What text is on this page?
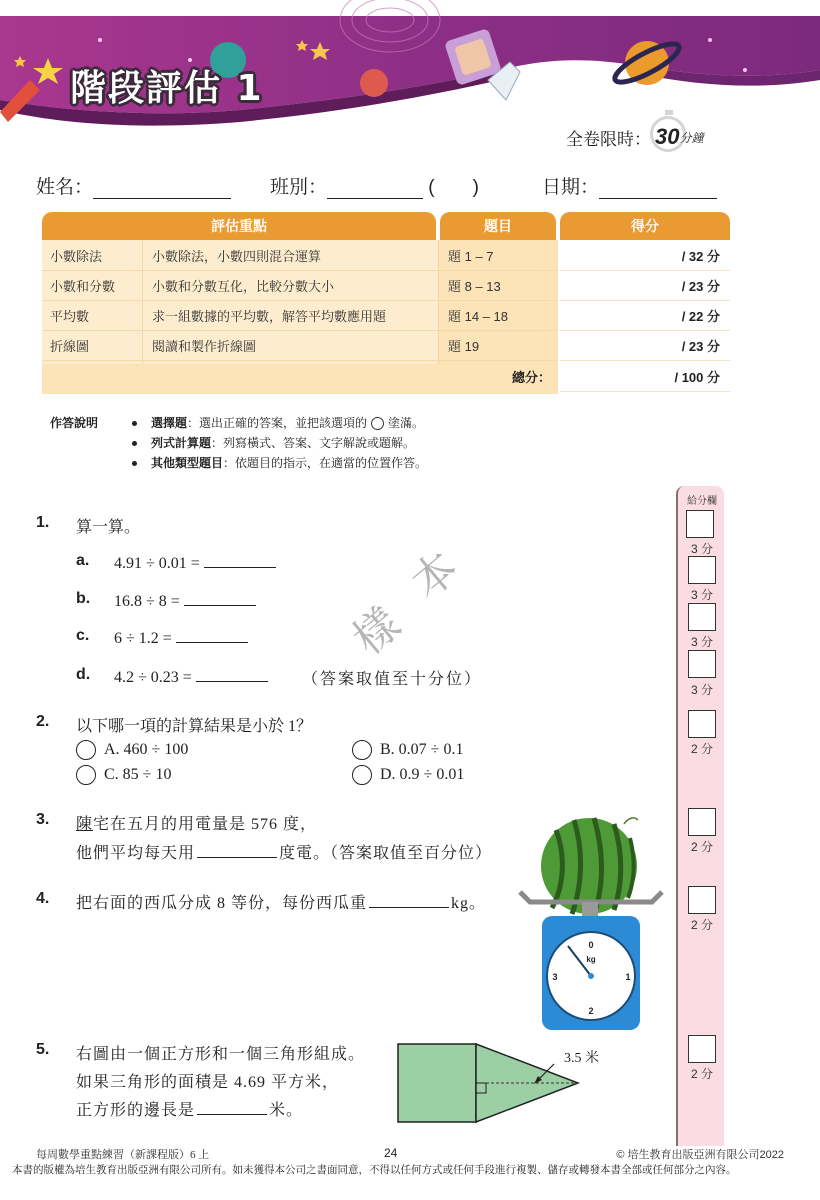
階段評估 1
全卷限時： 30 分鐘
姓名：	班別：	( )	日期：
評估重點	題目	得分
小數除法	小數除法，小數四則混合運算	題 1 – 7	/ 32 分
小數和分數	小數和分數互化，比較分數大小	題 8 – 13	/ 23 分
平均數	求一組數據的平均數，解答平均數應用題	題 14 – 18	/ 22 分
折線圖	閱讀和製作折線圖	題 19	/ 23 分
總分：	/ 100 分
作答說明	選擇題：選出正確的答案，並把該選項的 塗滿。
列式計算題：列寫橫式、答案、文字解說或題解。
其他類型題目：依題目的指示，在適當的位置作答。
樣
本
1. 算一算。
a. 4.91 ÷ 0.01 =
b. 16.8 ÷ 8 =
c. 6 ÷ 1.2 =
d. 4.2 ÷ 0.23 =	（答案取值至十分位）
2. 以下哪一項的計算結果是小於 1？
A. 460 ÷ 100	B. 0.07 ÷ 0.1
C. 85 ÷ 10	D. 0.9 ÷ 0.01
3. 陳宅在五月的用電量是 576 度，
他們平均每天用	度電。（答案取值至百分位）
4. 把右面的西瓜分成 8 等份，每份西瓜重	kg。
0
1
2
3
kg
5. 右圖由一個正方形和一個三角形組成。
如果三角形的面積是 4.69 平方米，
正方形的邊長是	米。
3.5 米
給分欄
3 分
3 分
3 分
3 分
2 分
2 分
2 分
2 分
每周數學重點練習（新課程版）6 上	24	© 培生教育出版亞洲有限公司2022
本書的版權為培生教育出版亞洲有限公司所有。如未獲得本公司之書面同意，不得以任何方式或任何手段進行複製、儲存或轉發本書全部或任何部分之內容。
